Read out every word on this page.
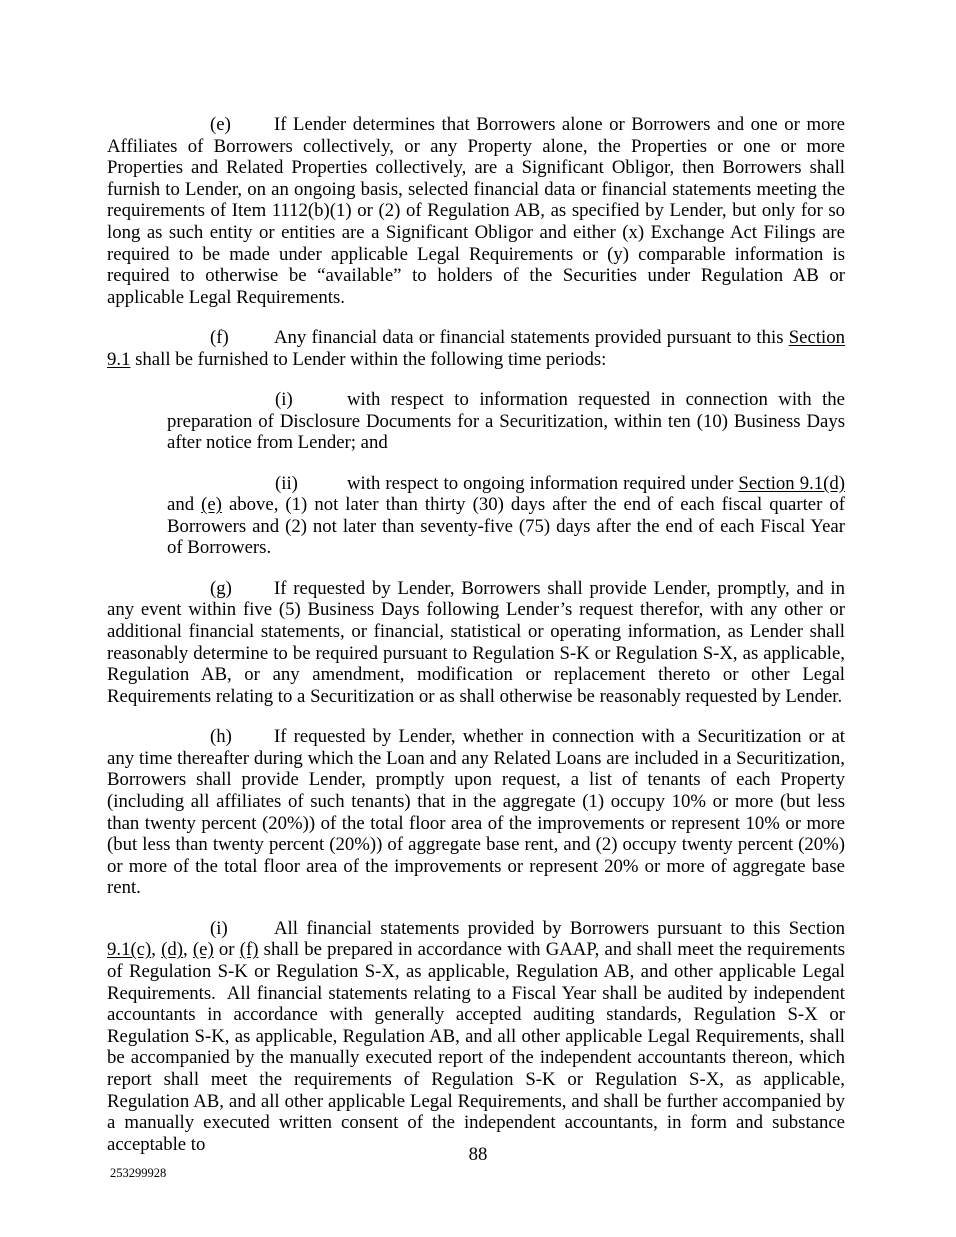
(e) If Lender determines that Borrowers alone or Borrowers and one or more Affiliates of Borrowers collectively, or any Property alone, the Properties or one or more Properties and Related Properties collectively, are a Significant Obligor, then Borrowers shall furnish to Lender, on an ongoing basis, selected financial data or financial statements meeting the requirements of Item 1112(b)(1) or (2) of Regulation AB, as specified by Lender, but only for so long as such entity or entities are a Significant Obligor and either (x) Exchange Act Filings are required to be made under applicable Legal Requirements or (y) comparable information is required to otherwise be “available” to holders of the Securities under Regulation AB or applicable Legal Requirements.

(f) Any financial data or financial statements provided pursuant to this Section 9.1 shall be furnished to Lender within the following time periods:

(i)	with respect to information requested in connection with the preparation of Disclosure Documents for a Securitization, within ten (10) Business Days after notice from Lender; and

(ii)	with respect to ongoing information required under Section 9.1(d) and (e) above, (1) not later than thirty (30) days after the end of each fiscal quarter of Borrowers and (2) not later than seventy-five (75) days after the end of each Fiscal Year of Borrowers.

(g) If requested by Lender, Borrowers shall provide Lender, promptly, and in any event within five (5) Business Days following Lender’s request therefor, with any other or additional financial statements, or financial, statistical or operating information, as Lender shall reasonably determine to be required pursuant to Regulation S-K or Regulation S-X, as applicable, Regulation AB, or any amendment, modification or replacement thereto or other Legal Requirements relating to a Securitization or as shall otherwise be reasonably requested by Lender.

(h) If requested by Lender, whether in connection with a Securitization or at any time thereafter during which the Loan and any Related Loans are included in a Securitization, Borrowers shall provide Lender, promptly upon request, a list of tenants of each Property (including all affiliates of such tenants) that in the aggregate (1) occupy 10% or more (but less than twenty percent (20%)) of the total floor area of the improvements or represent 10% or more (but less than twenty percent (20%)) of aggregate base rent, and (2) occupy twenty percent (20%) or more of the total floor area of the improvements or represent 20% or more of aggregate base rent.

(i) All financial statements provided by Borrowers pursuant to this Section 9.1(c), (d), (e) or (f) shall be prepared in accordance with GAAP, and shall meet the requirements of Regulation S-K or Regulation S-X, as applicable, Regulation AB, and other applicable Legal Requirements.  All financial statements relating to a Fiscal Year shall be audited by independent accountants in accordance with generally accepted auditing standards, Regulation S-X or Regulation S-K, as applicable, Regulation AB, and all other applicable Legal Requirements, shall be accompanied by the manually executed report of the independent accountants thereon, which report shall meet the requirements of Regulation S-K or Regulation S-X, as applicable, Regulation AB, and all other applicable Legal Requirements, and shall be further accompanied by a manually executed written consent of the independent accountants, in form and substance acceptable to	88
253299928
